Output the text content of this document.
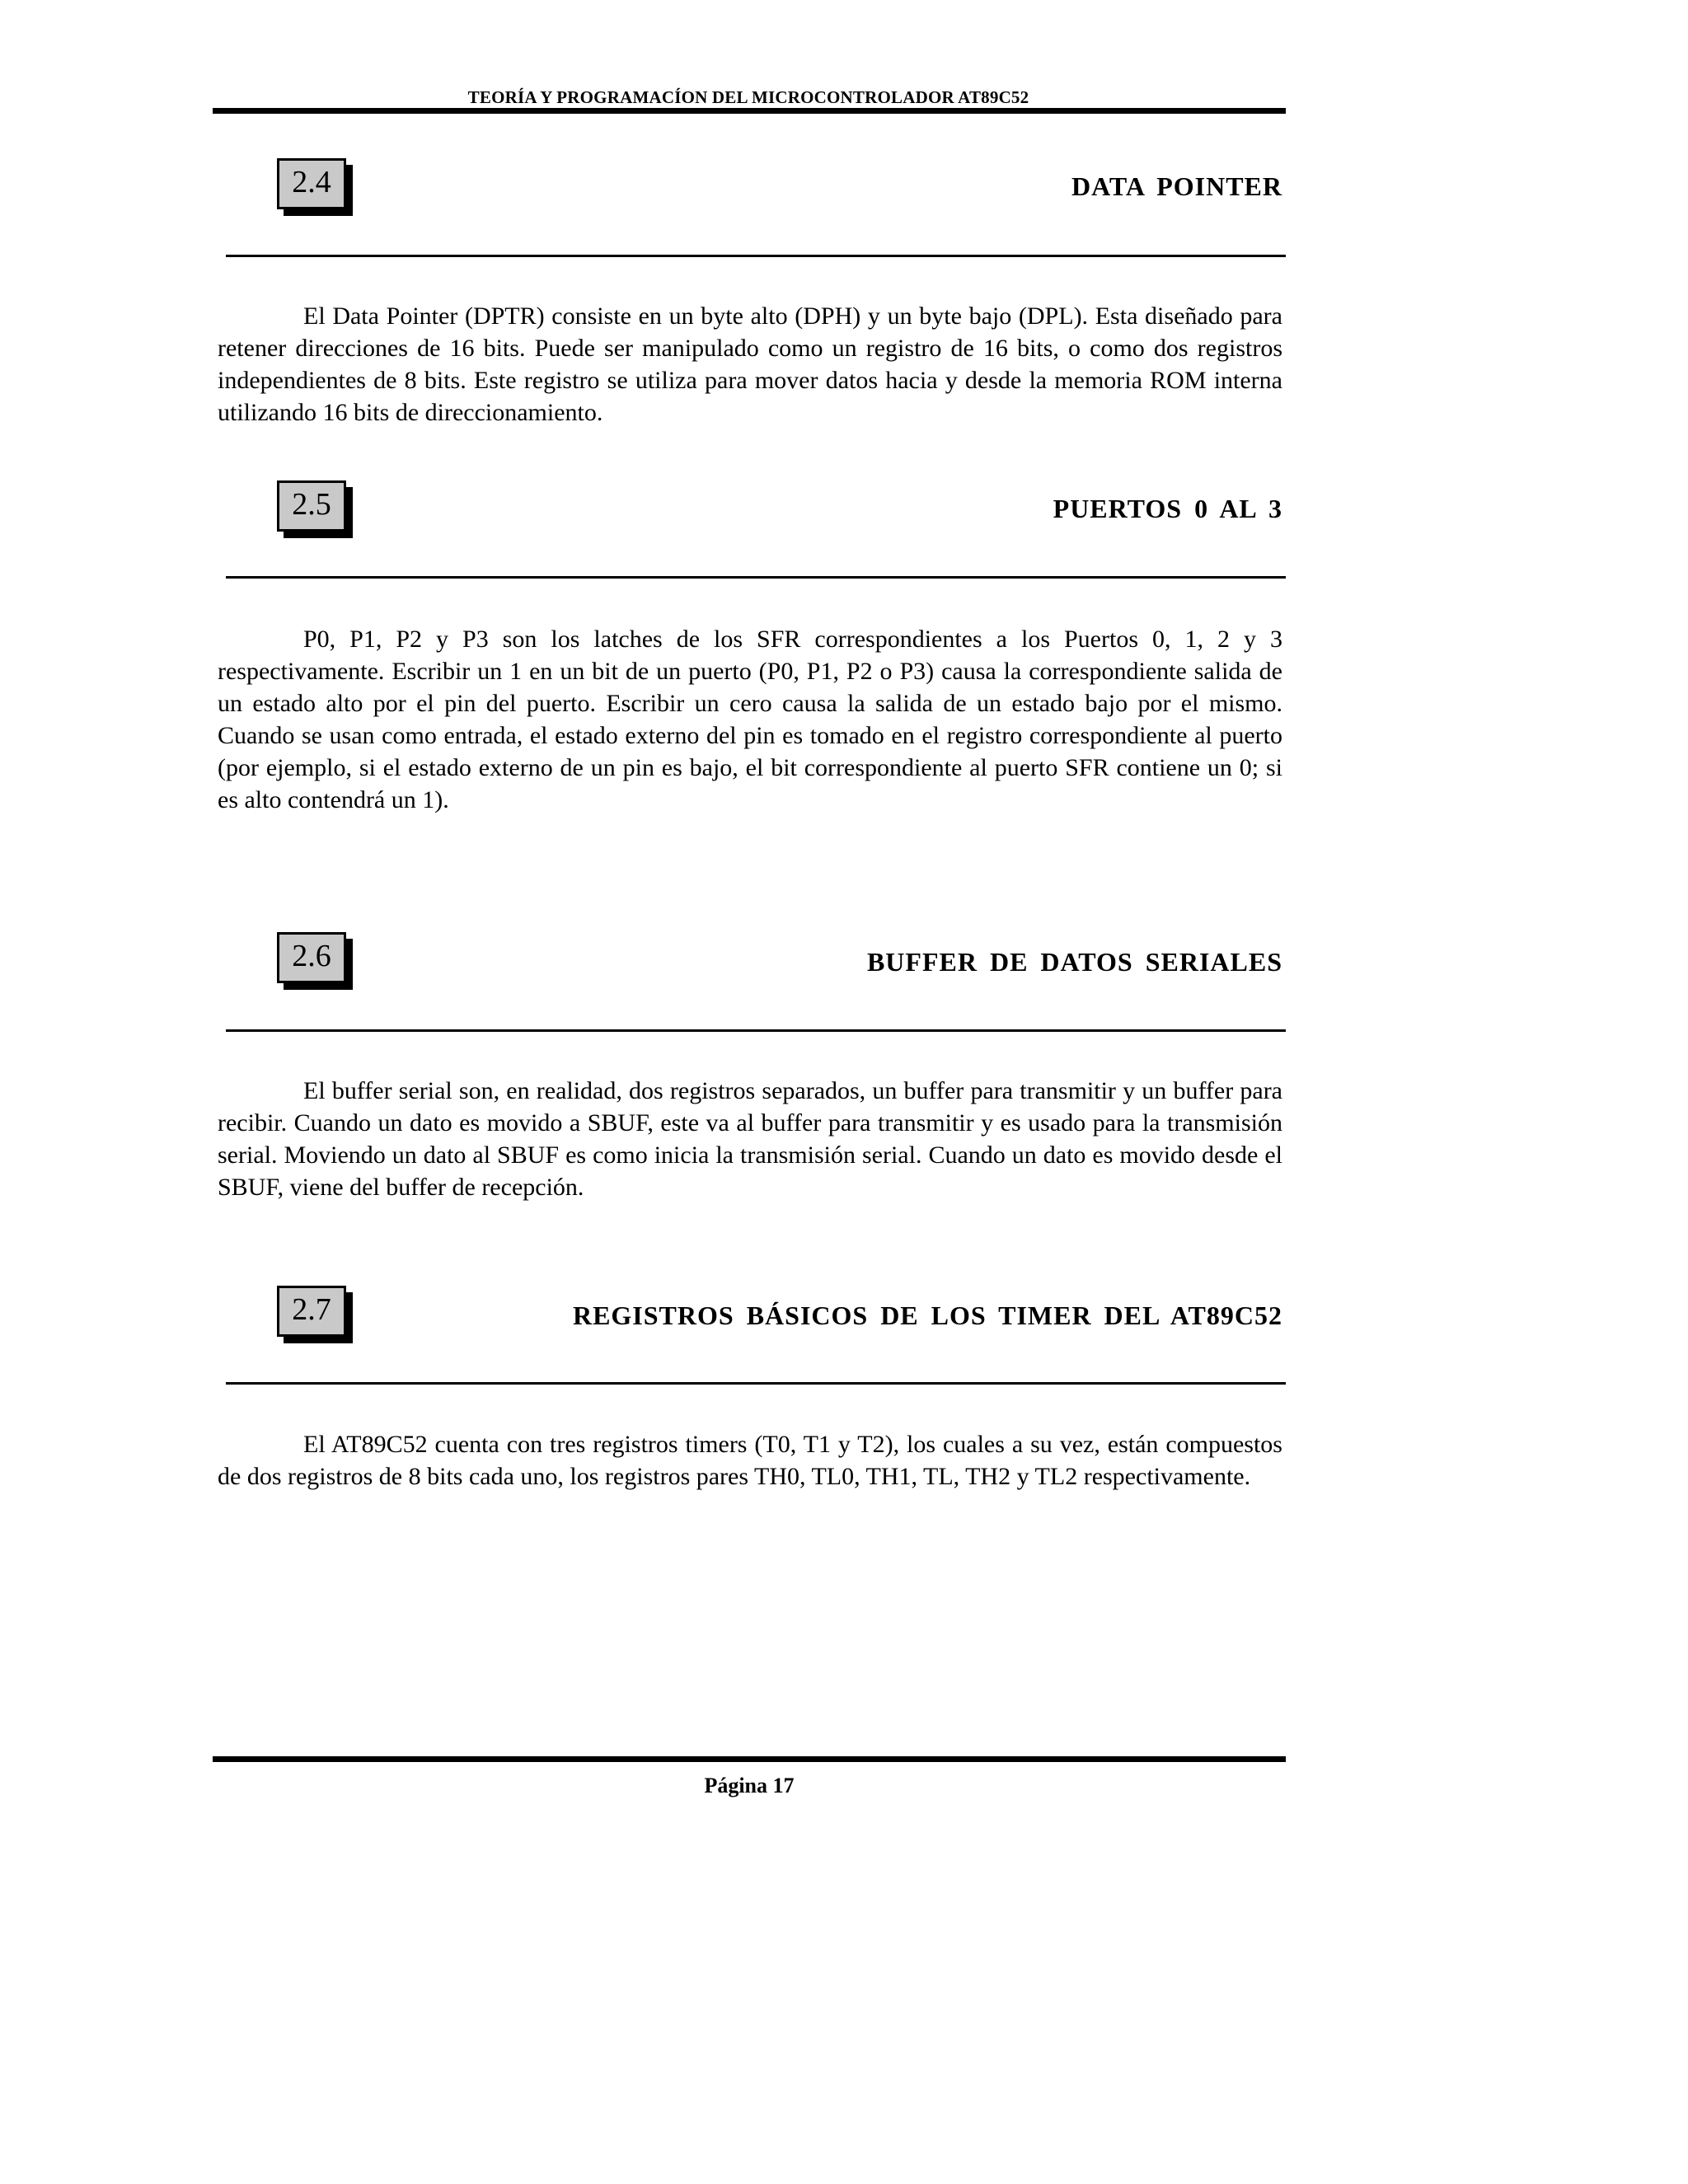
TEORÍA Y PROGRAMACÍON DEL MICROCONTROLADOR AT89C52
2.4	DATA POINTER
El Data Pointer (DPTR) consiste en un byte alto (DPH) y un byte bajo (DPL). Esta diseñado para retener direcciones de 16 bits. Puede ser manipulado como un registro de 16 bits, o como dos registros independientes de 8 bits. Este registro se utiliza para mover datos hacia y desde la memoria ROM interna utilizando 16 bits de direccionamiento.
2.5	PUERTOS 0 AL 3
P0, P1, P2 y P3 son los latches de los SFR correspondientes a los Puertos 0, 1, 2 y 3 respectivamente. Escribir un 1 en un bit de un puerto (P0, P1, P2 o P3) causa la correspondiente salida de un estado alto por el pin del puerto. Escribir un cero causa la salida de un estado bajo por el mismo. Cuando se usan como entrada, el estado externo del pin es tomado en el registro correspondiente al puerto (por ejemplo, si el estado externo de un pin es bajo, el bit correspondiente al puerto SFR contiene un 0; si es alto contendrá un 1).
2.6	BUFFER DE DATOS SERIALES
El buffer serial son, en realidad, dos registros separados, un buffer para transmitir y un buffer para recibir. Cuando un dato es movido a SBUF, este va al buffer para transmitir y es usado para la transmisión serial. Moviendo un dato al SBUF es como inicia la transmisión serial. Cuando un dato es movido desde el SBUF, viene del buffer de recepción.
2.7	REGISTROS BÁSICOS DE LOS TIMER DEL AT89C52
El AT89C52 cuenta con tres registros timers (T0, T1 y T2), los cuales a su vez, están compuestos de dos registros de 8 bits cada uno, los registros pares TH0, TL0, TH1, TL, TH2 y TL2 respectivamente.
Página 17
